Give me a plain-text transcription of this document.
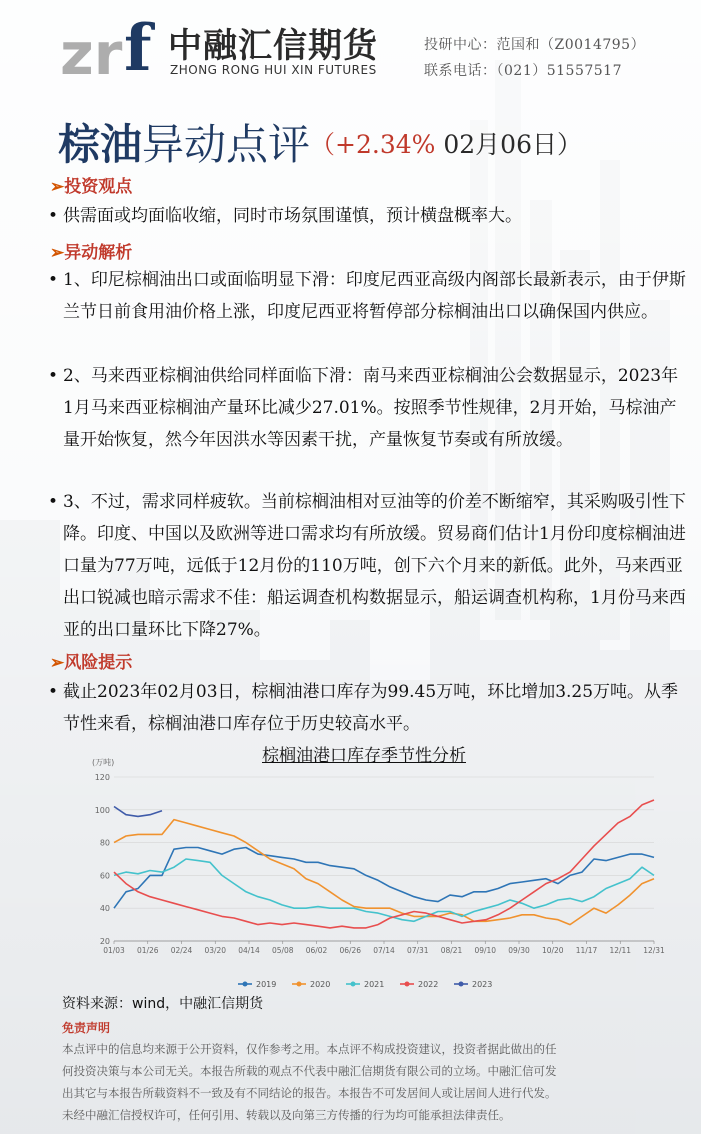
zr f 中融汇信期货
ZHONG RONG HUI XIN FUTURES
投研中心：范国和（Z0014795）
联系电话：（021）51557517
棕油异动点评（+2.34% 02月06日）
➢投资观点
• 供需面或均面临收缩，同时市场氛围谨慎，预计横盘概率大。
➢异动解析
• 1、印尼棕榈油出口或面临明显下滑：印度尼西亚高级内阁部长最新表示，由于伊斯兰节日前食用油价格上涨，印度尼西亚将暂停部分棕榈油出口以确保国内供应。
• 2、马来西亚棕榈油供给同样面临下滑：南马来西亚棕榈油公会数据显示，2023年1月马来西亚棕榈油产量环比减少27.01%。按照季节性规律，2月开始，马棕油产量开始恢复，然今年因洪水等因素干扰，产量恢复节奏或有所放缓。
• 3、不过，需求同样疲软。当前棕榈油相对豆油等的价差不断缩窄，其采购吸引性下降。印度、中国以及欧洲等进口需求均有所放缓。贸易商们估计1月份印度棕榈油进口量为77万吨，远低于12月份的110万吨，创下六个月来的新低。此外，马来西亚出口锐减也暗示需求不佳：船运调查机构数据显示，船运调查机构称，1月份马来西亚的出口量环比下降27%。
➢风险提示
• 截止2023年02月03日，棕榈油港口库存为99.45万吨，环比增加3.25万吨。从季节性来看，棕榈油港口库存位于历史较高水平。
棕榈油港口库存季节性分析
(万吨)
20
40
60
80
100
120
01/03 01/26 02/24 03/20 04/14 05/08 06/02 06/26 07/14 07/31 08/21 09/10 09/30 10/20 11/17 12/11 12/31
2019	2020	2021	2022	2023
资料来源：wind，中融汇信期货
免责声明
本点评中的信息均来源于公开资料，仅作参考之用。本点评不构成投资建议，投资者据此做出的任
何投资决策与本公司无关。本报告所载的观点不代表中融汇信期货有限公司的立场。中融汇信可发
出其它与本报告所载资料不一致及有不同结论的报告。本报告不可发居间人或让居间人进行代发。
未经中融汇信授权许可，任何引用、转载以及向第三方传播的行为均可能承担法律责任。
